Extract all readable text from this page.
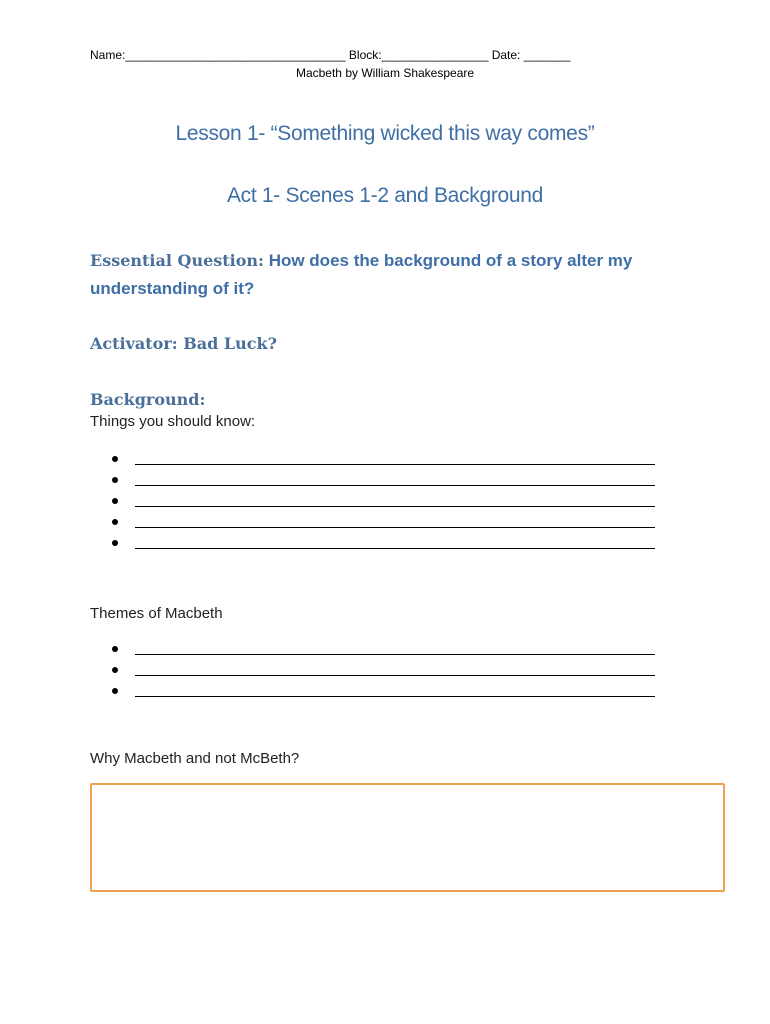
Name:_________________________________ Block:________________ Date: _______
Macbeth by William Shakespeare
Lesson 1- “Something wicked this way comes”
Act 1- Scenes 1-2 and Background
Essential Question: How does the background of a story alter my understanding of it?
Activator: Bad Luck?
Background:
Things you should know:
Themes of Macbeth
Why Macbeth and not McBeth?
